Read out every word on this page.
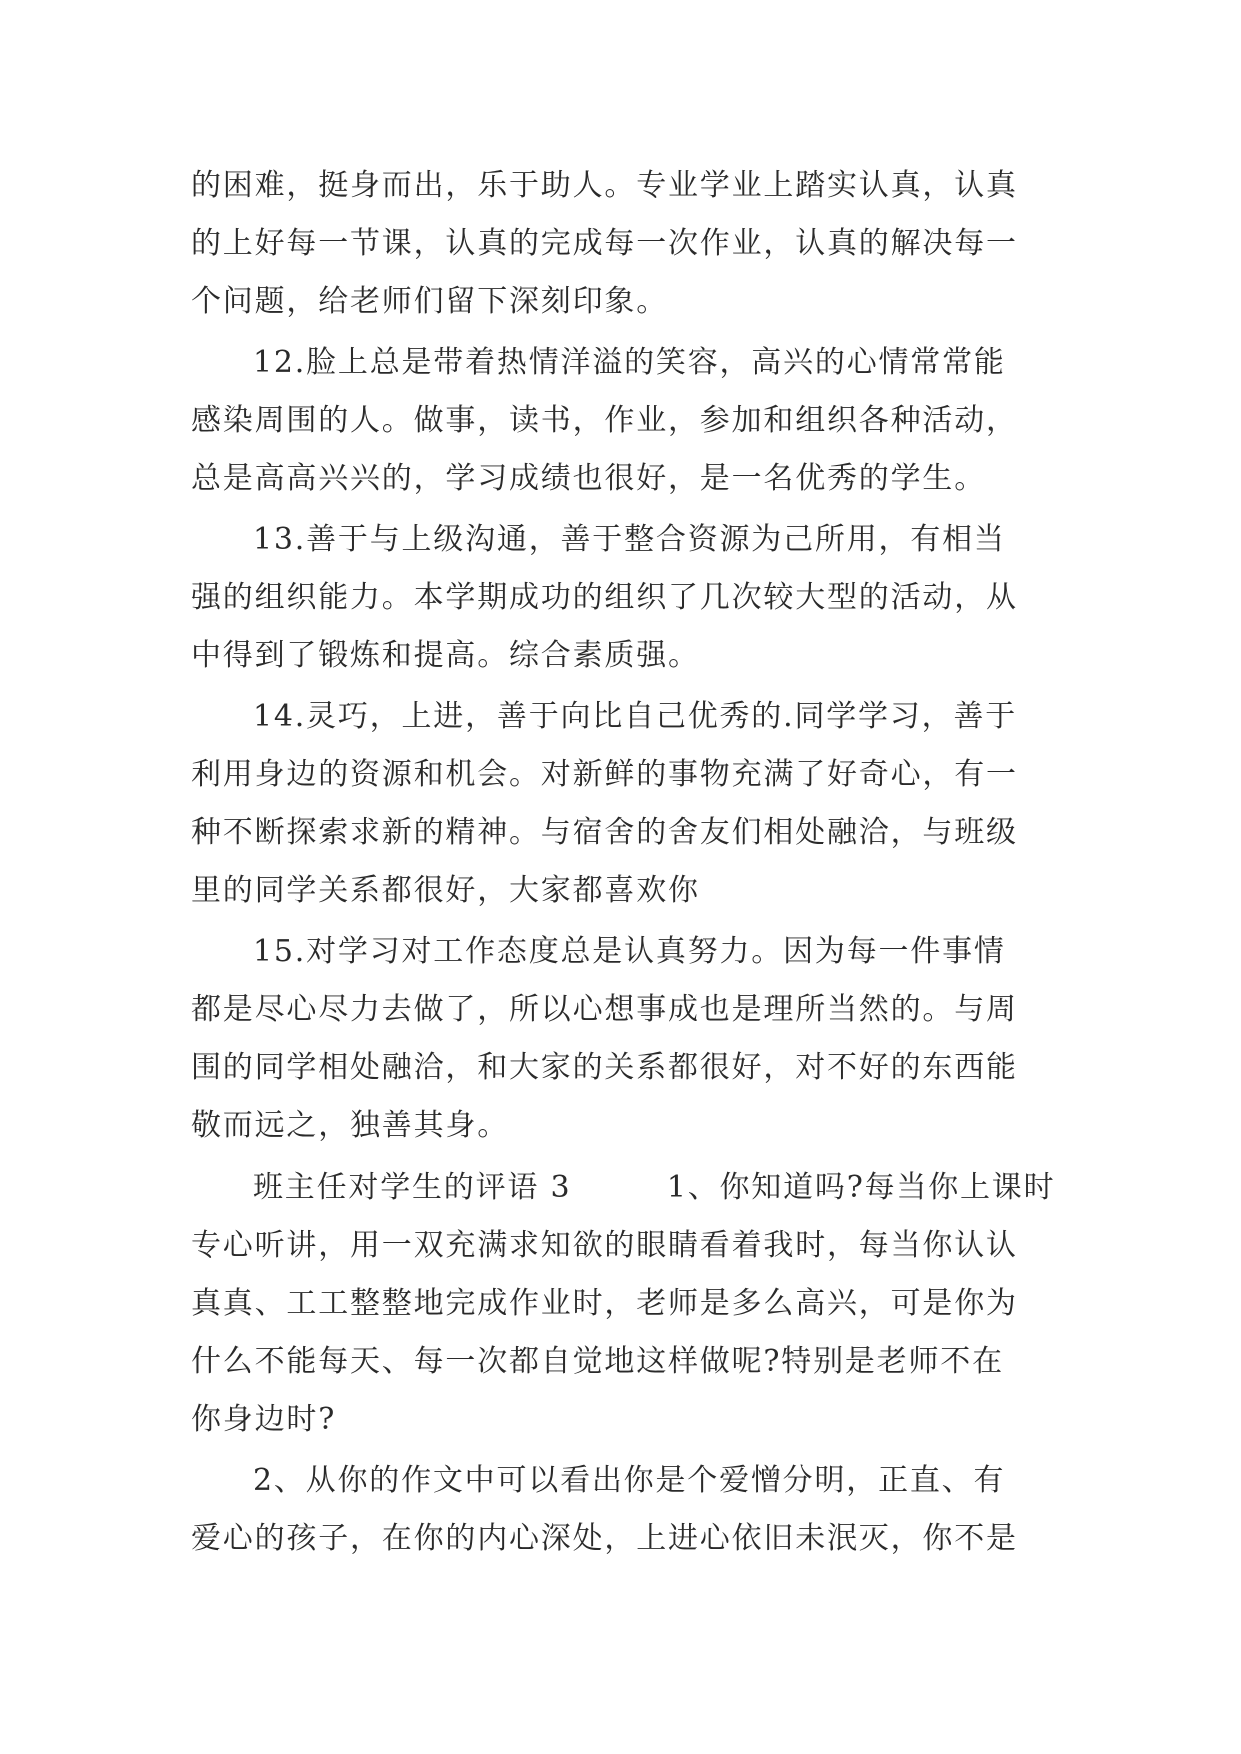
的困难，挺身而出，乐于助人。专业学业上踏实认真，认真
的上好每一节课，认真的完成每一次作业，认真的解决每一
个问题，给老师们留下深刻印象。
12.脸上总是带着热情洋溢的笑容，高兴的心情常常能
感染周围的人。做事，读书，作业，参加和组织各种活动，
总是高高兴兴的，学习成绩也很好，是一名优秀的学生。
13.善于与上级沟通，善于整合资源为己所用，有相当
强的组织能力。本学期成功的组织了几次较大型的活动，从
中得到了锻炼和提高。综合素质强。
14.灵巧，上进，善于向比自己优秀的.同学学习，善于
利用身边的资源和机会。对新鲜的事物充满了好奇心，有一
种不断探索求新的精神。与宿舍的舍友们相处融洽，与班级
里的同学关系都很好，大家都喜欢你
15.对学习对工作态度总是认真努力。因为每一件事情
都是尽心尽力去做了，所以心想事成也是理所当然的。与周
围的同学相处融洽，和大家的关系都很好，对不好的东西能
敬而远之，独善其身。
班主任对学生的评语 3　　　1、你知道吗?每当你上课时
专心听讲，用一双充满求知欲的眼睛看着我时，每当你认认
真真、工工整整地完成作业时，老师是多么高兴，可是你为
什么不能每天、每一次都自觉地这样做呢?特别是老师不在
你身边时?
2、从你的作文中可以看出你是个爱憎分明，正直、有
爱心的孩子，在你的内心深处，上进心依旧未泯灭，你不是
